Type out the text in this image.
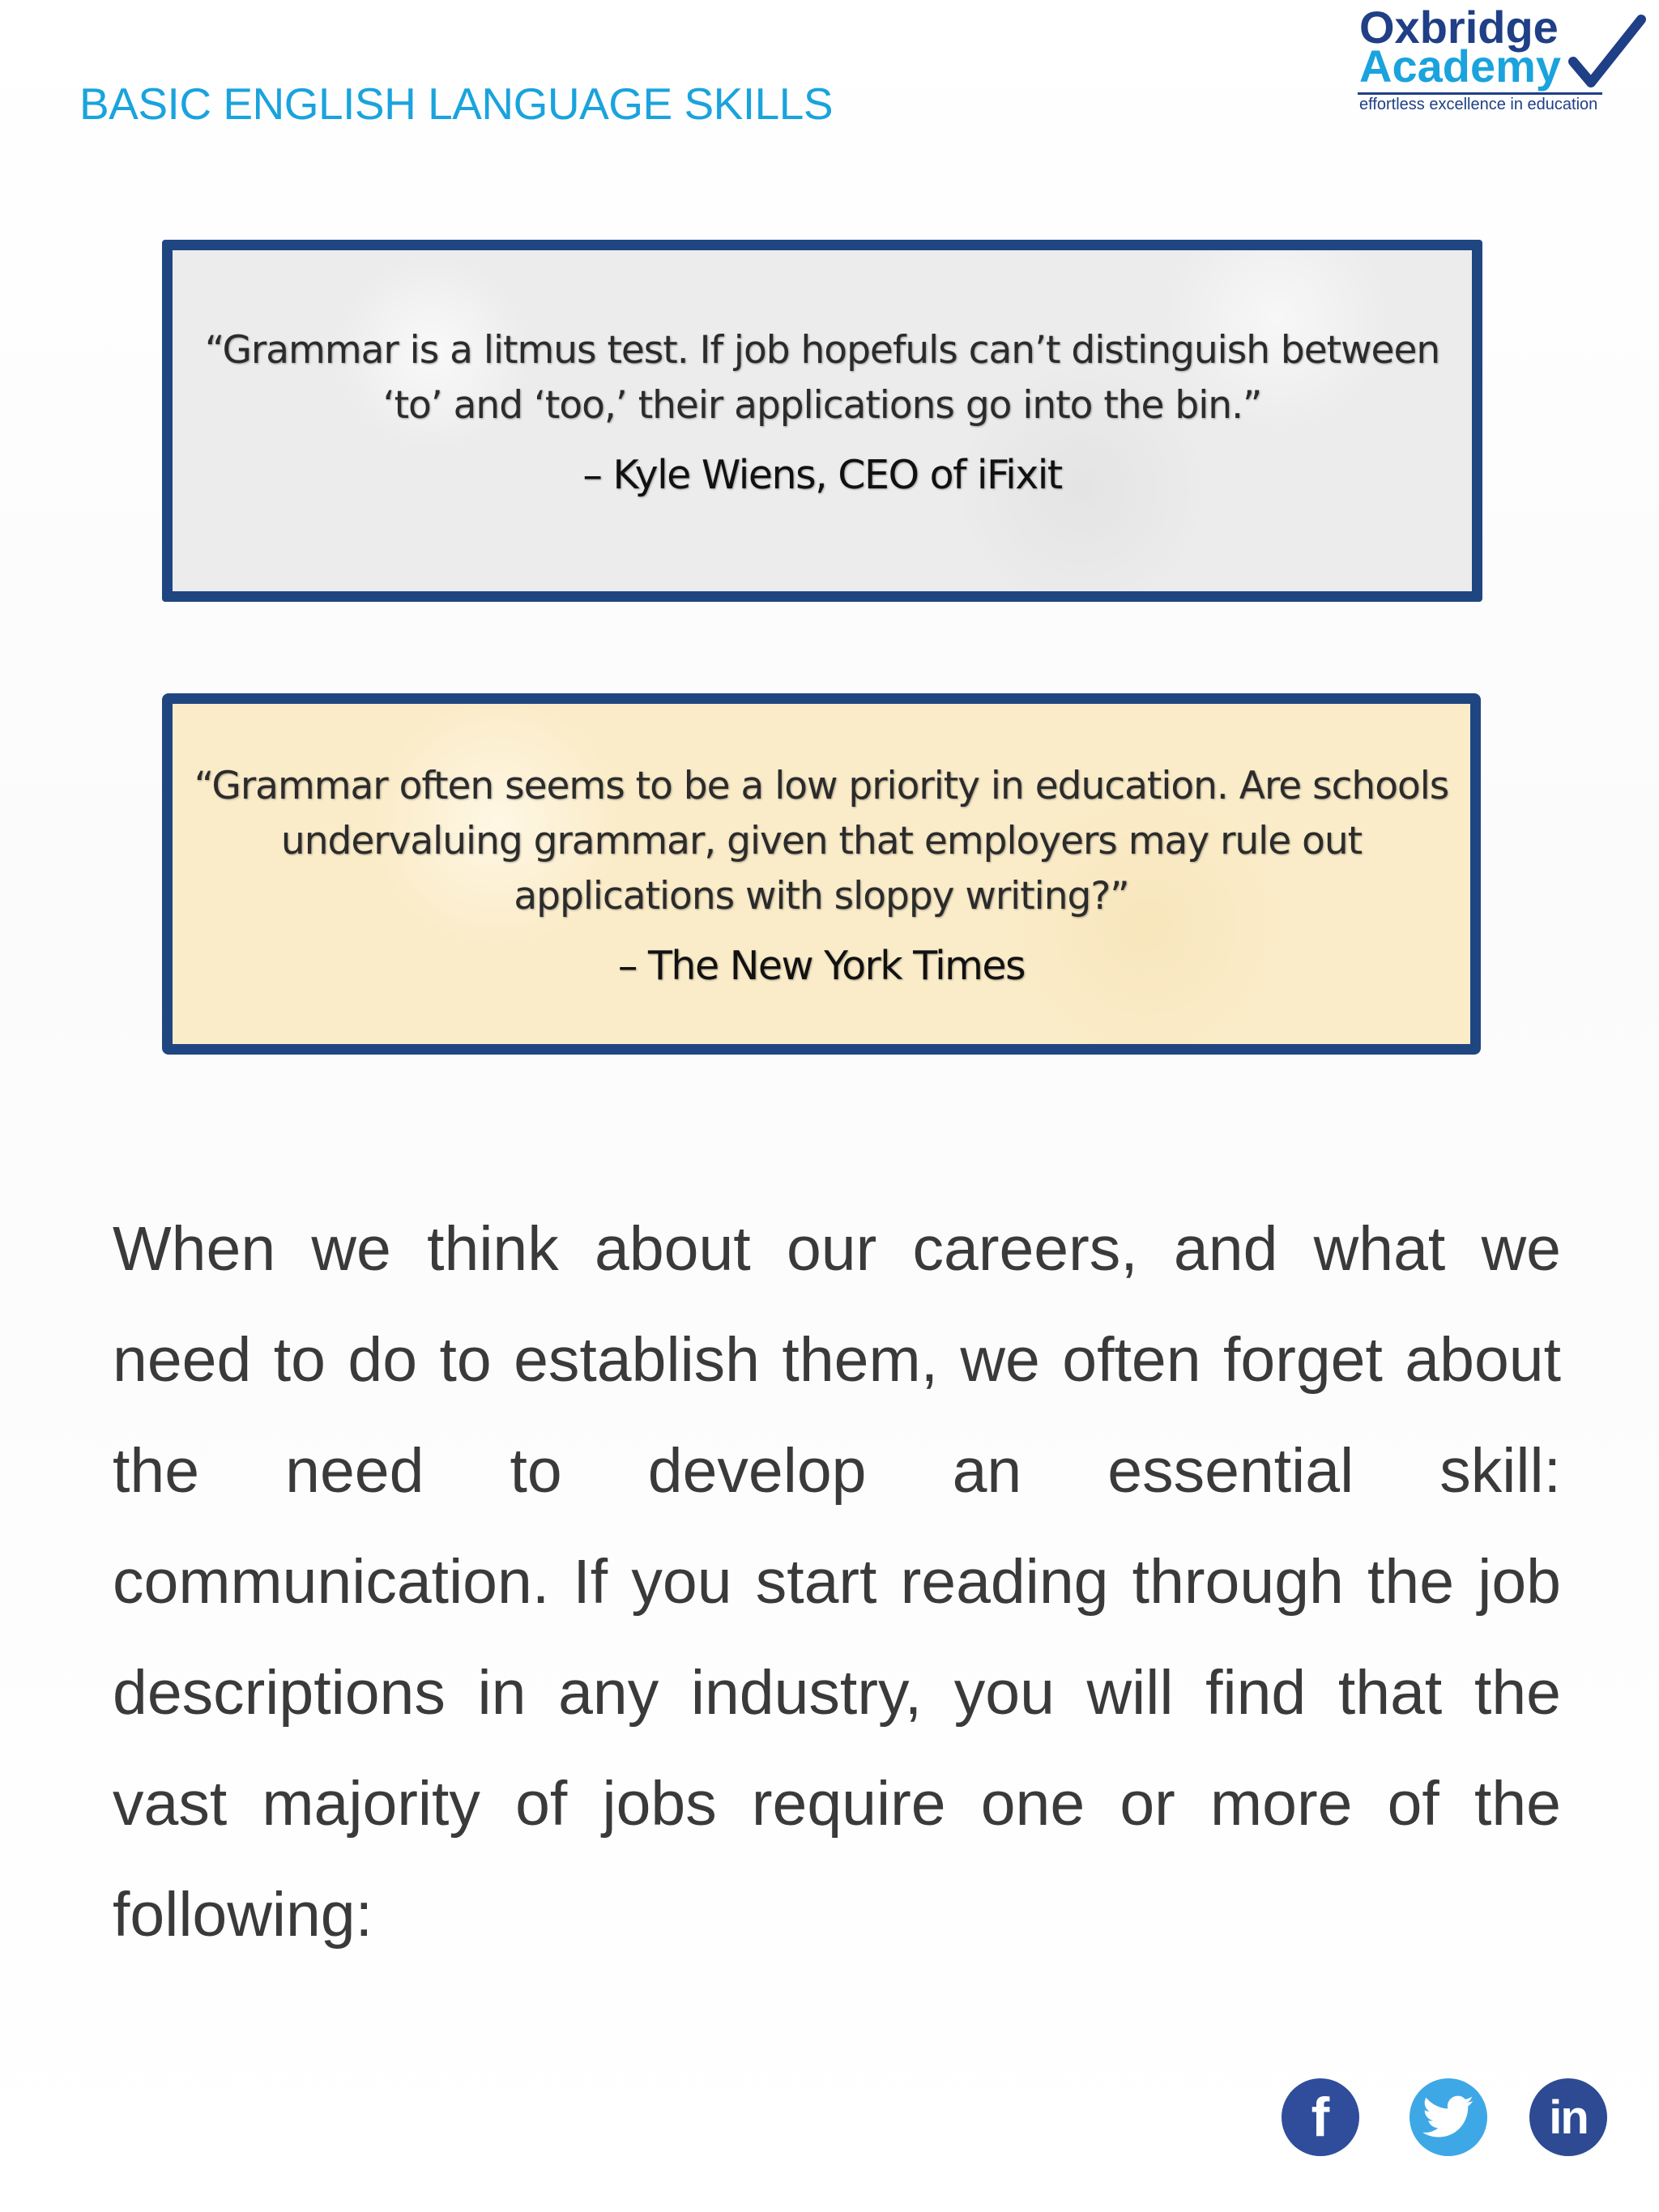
BASIC ENGLISH LANGUAGE SKILLS
Oxbridge
Academy
effortless excellence in education
“Grammar is a litmus test. If job hopefuls can’t distinguish between ‘to’ and ‘too,’ their applications go into the bin.”
– Kyle Wiens, CEO of iFixit
“Grammar often seems to be a low priority in education. Are schools undervaluing grammar, given that employers may rule out applications with sloppy writing?”
– The New York Times
When we think about our careers, and what we need to do to establish them, we often forget about the need to develop an essential skill: communication. If you start reading through the job descriptions in any industry, you will find that the vast majority of jobs require one or more of the following:
f	in
